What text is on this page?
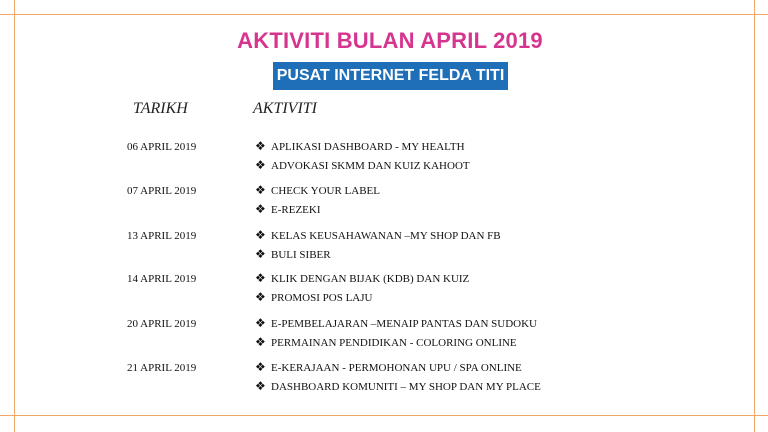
AKTIVITI BULAN APRIL 2019
PUSAT INTERNET FELDA TITI
TARIKH	AKTIVITI
06 APRIL 2019	❖ APLIKASI DASHBOARD - MY HEALTH
❖ ADVOKASI SKMM DAN KUIZ KAHOOT
07 APRIL 2019	❖ CHECK YOUR LABEL
❖ E-REZEKI
13 APRIL 2019	❖ KELAS KEUSAHAWANAN –MY SHOP DAN FB
❖ BULI SIBER
14 APRIL 2019	❖ KLIK DENGAN BIJAK (KDB) DAN KUIZ
❖ PROMOSI POS LAJU
20 APRIL 2019	❖ E-PEMBELAJARAN –MENAIP PANTAS DAN SUDOKU
❖ PERMAINAN PENDIDIKAN - COLORING ONLINE
21 APRIL 2019	❖ E-KERAJAAN - PERMOHONAN UPU / SPA ONLINE
❖ DASHBOARD KOMUNITI – MY SHOP DAN MY PLACE
